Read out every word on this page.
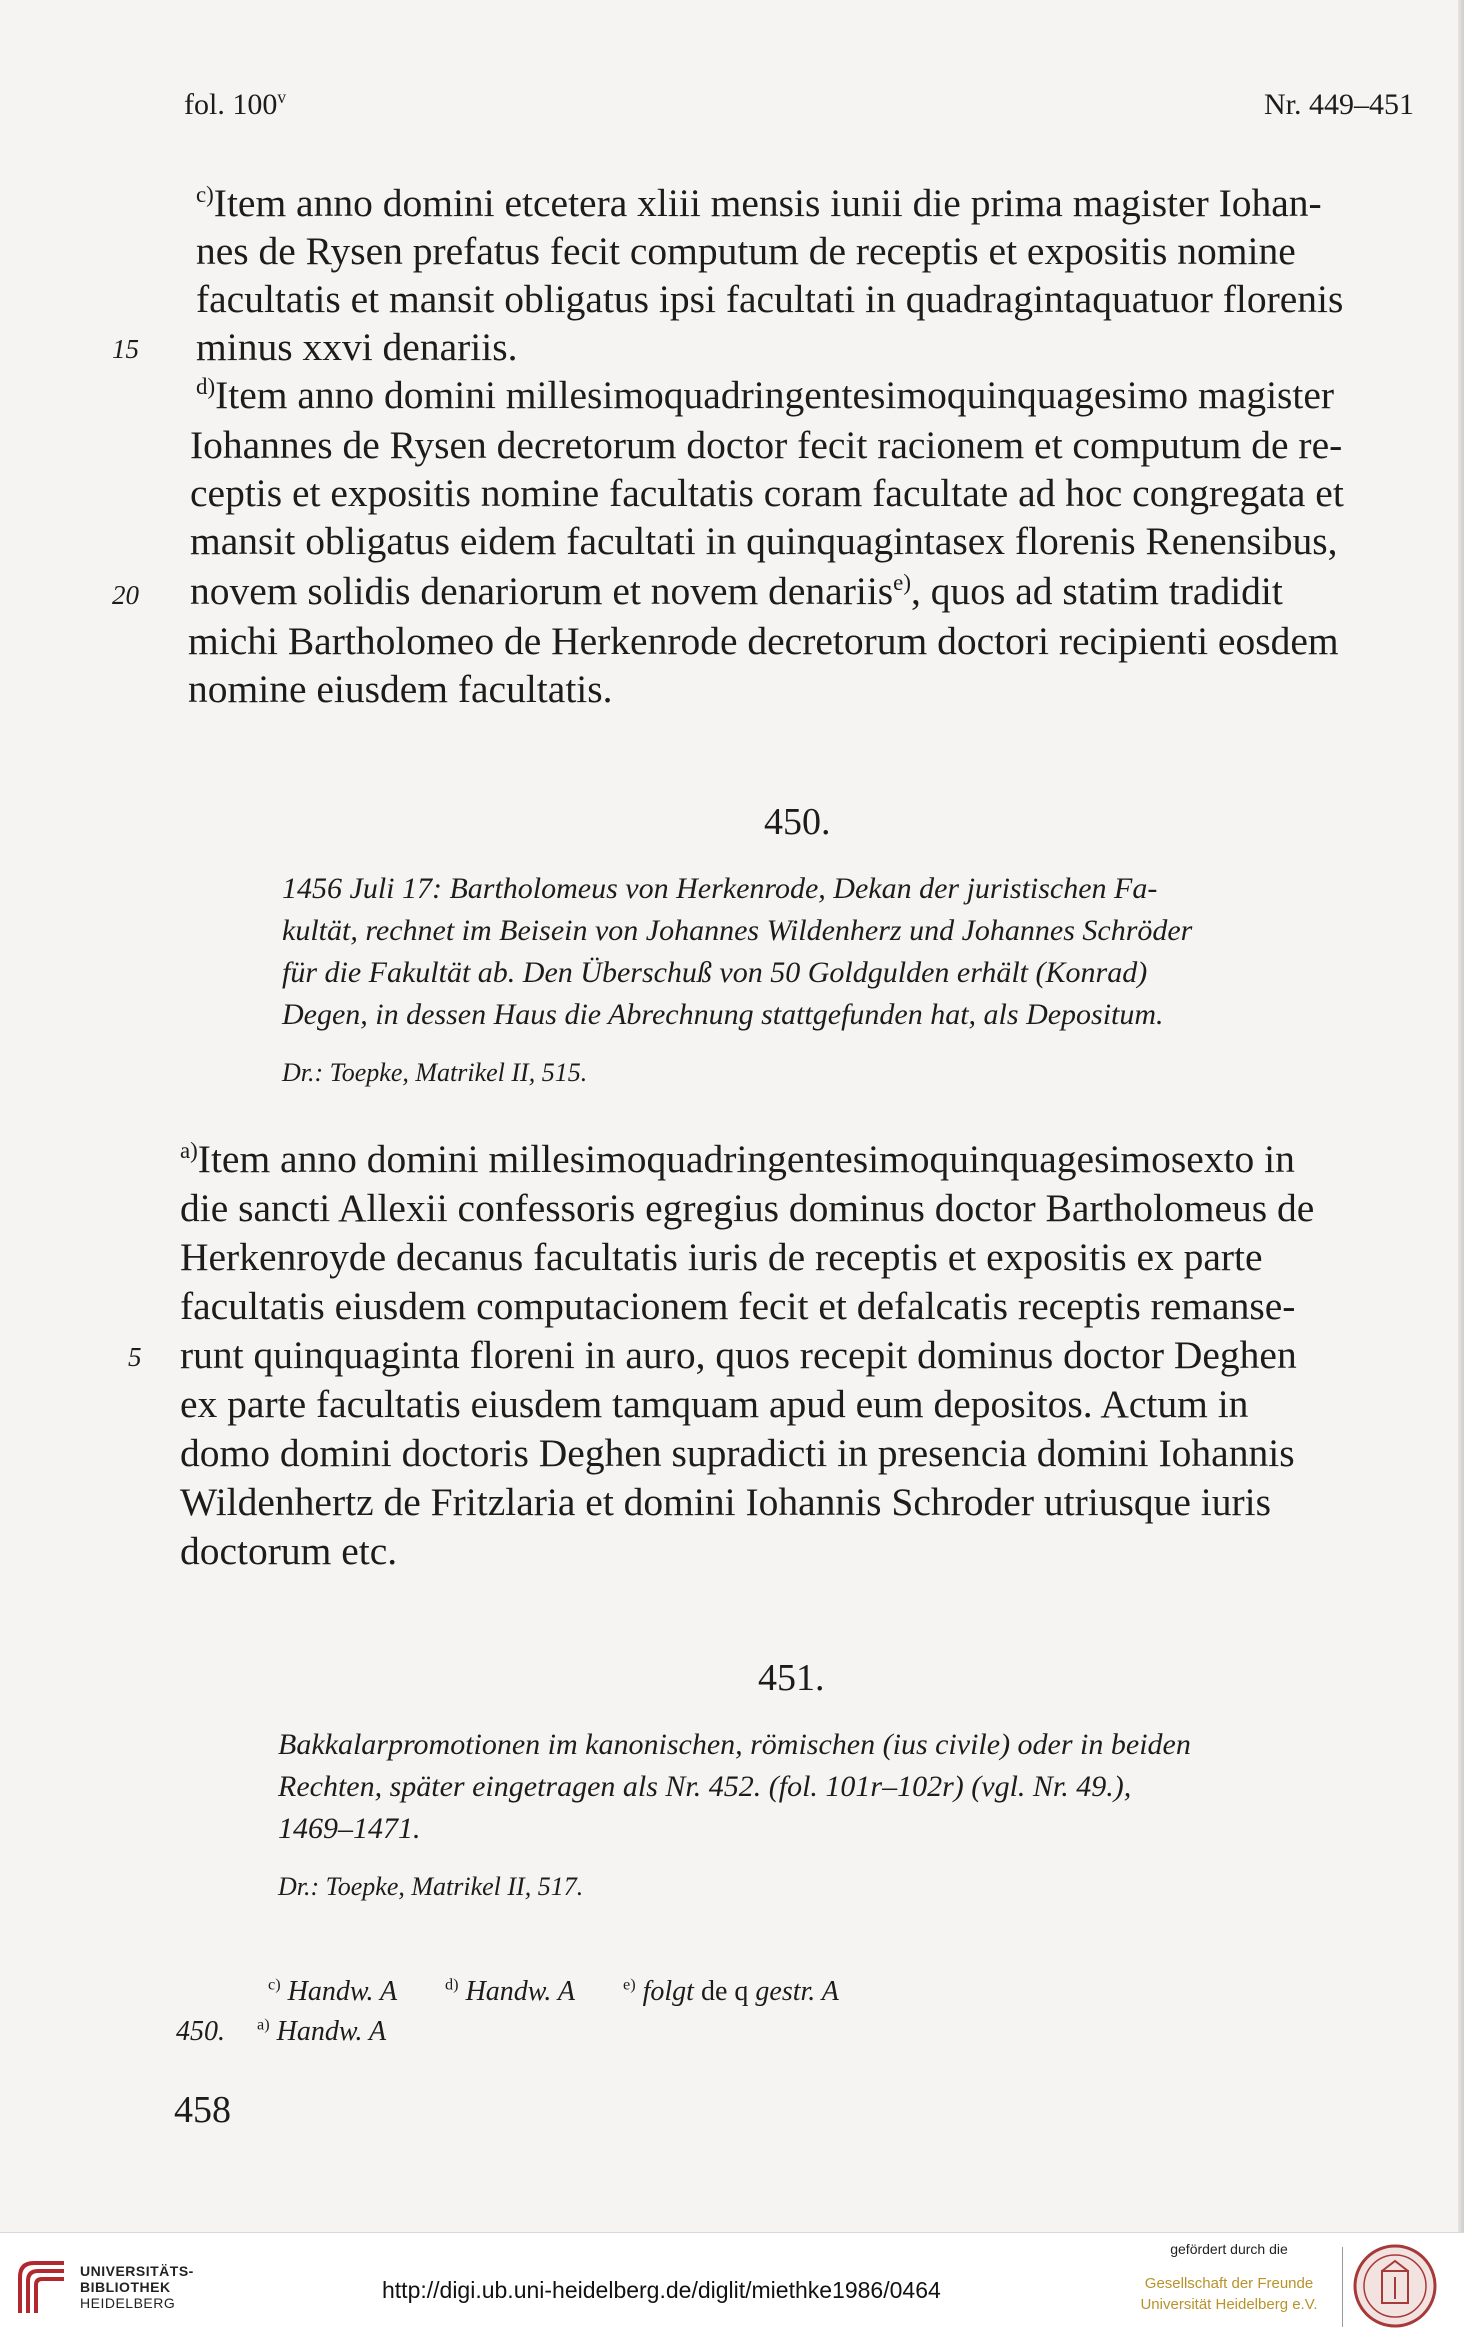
fol. 100$^v$	Nr. 449–451
$^{c)}$Item anno domini etcetera xliii mensis iunii die prima magister Iohan-
nes de Rysen prefatus fecit computum de receptis et expositis nomine
facultatis et mansit obligatus ipsi facultati in quadragintaquatuor florenis
minus xxvi denariis.
$^{d)}$Item anno domini millesimoquadringentesimoquinquagesimo magister
Iohannes de Rysen decretorum doctor fecit racionem et computum de re-
ceptis et expositis nomine facultatis coram facultate ad hoc congregata et
mansit obligatus eidem facultati in quinquagintasex florenis Renensibus,
novem solidis denariorum et novem denariis$^{e)}$, quos ad statim tradidit
michi Bartholomeo de Herkenrode decretorum doctori recipienti eosdem
nomine eiusdem facultatis.
15
20
450.
1456 Juli 17: Bartholomeus von Herkenrode, Dekan der juristischen Fa-
kultät, rechnet im Beisein von Johannes Wildenherz und Johannes Schröder
für die Fakultät ab. Den Überschuß von 50 Goldgulden erhält (Konrad)
Degen, in dessen Haus die Abrechnung stattgefunden hat, als Depositum.
Dr.: Toepke, Matrikel II, 515.
$^{a)}$Item anno domini millesimoquadringentesimoquinquagesimosexto in
die sancti Allexii confessoris egregius dominus doctor Bartholomeus de
Herkenroyde decanus facultatis iuris de receptis et expositis ex parte
facultatis eiusdem computacionem fecit et defalcatis receptis remanse-
runt quinquaginta floreni in auro, quos recepit dominus doctor Deghen
ex parte facultatis eiusdem tamquam apud eum depositos. Actum in
domo domini doctoris Deghen supradicti in presencia domini Iohannis
Wildenhertz de Fritzlaria et domini Iohannis Schroder utriusque iuris
doctorum etc.
5
451.
Bakkalarpromotionen im kanonischen, römischen (ius civile) oder in beiden
Rechten, später eingetragen als Nr. 452. (fol. 101r–102r) (vgl. Nr. 49.),
1469–1471.
Dr.: Toepke, Matrikel II, 517.
$^{c)}$ Handw. A	$^{d)}$ Handw. A	$^{e)}$ folgt de q gestr. A
450. $^{a)}$ Handw. A
458
UNIVERSITÄTS-
BIBLIOTHEK
HEIDELBERG	http://digi.ub.uni-heidelberg.de/diglit/miethke1986/0464
gefördert durch die
Gesellschaft der Freunde
Universität Heidelberg e.V.
